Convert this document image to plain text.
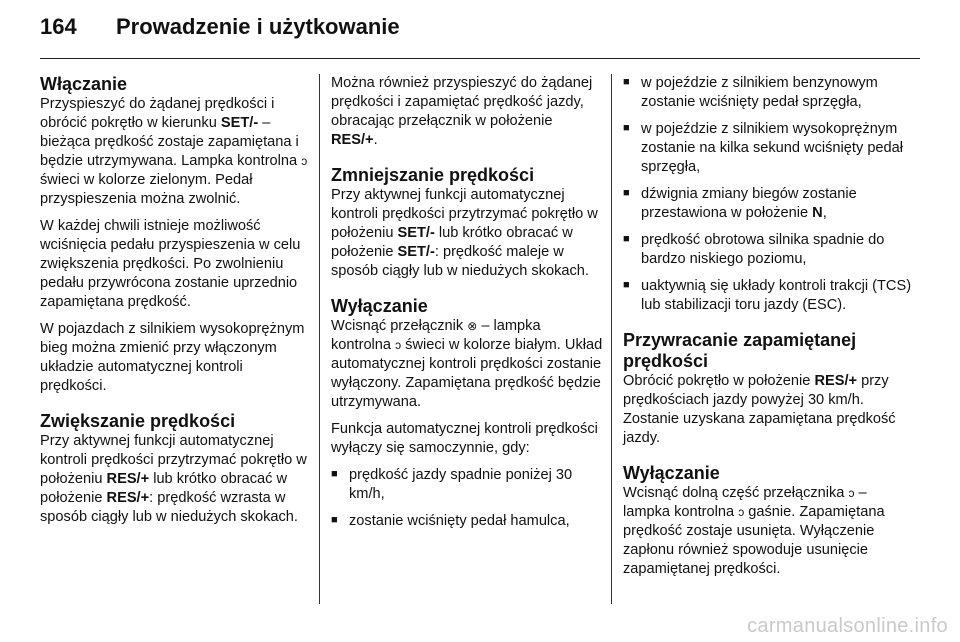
164 Prowadzenie i użytkowanie
Włączanie

Przyspieszyć do żądanej prędkości i obrócić pokrętło w kierunku SET/- – bieżąca prędkość zostaje zapamiętana i będzie utrzymywana. Lampka kontrolna ↄ świeci w kolorze zielonym. Pedał przyspieszenia można zwolnić.

W każdej chwili istnieje możliwość wciśnięcia pedału przyspieszenia w celu zwiększenia prędkości. Po zwolnieniu pedału przywrócona zostanie uprzednio zapamiętana prędkość.

W pojazdach z silnikiem wysokoprężnym bieg można zmienić przy włączonym układzie automatycznej kontroli prędkości.

Zwiększanie prędkości

Przy aktywnej funkcji automatycznej kontroli prędkości przytrzymać pokrętło w położeniu RES/+ lub krótko obracać w położenie RES/+: prędkość wzrasta w sposób ciągły lub w niedużych skokach.

Można również przyspieszyć do żądanej prędkości i zapamiętać prędkość jazdy, obracając przełącznik w położenie RES/+.

Zmniejszanie prędkości

Przy aktywnej funkcji automatycznej kontroli prędkości przytrzymać pokrętło w położeniu SET/- lub krótko obracać w położenie SET/-: prędkość maleje w sposób ciągły lub w niedużych skokach.

Wyłączanie

Wcisnąć przełącznik ⊗ – lampka kontrolna ↄ świeci w kolorze białym. Układ automatycznej kontroli prędkości zostanie wyłączony. Zapamiętana prędkość będzie utrzymywana.

Funkcja automatycznej kontroli prędkości wyłączy się samoczynnie, gdy:

■ prędkość jazdy spadnie poniżej 30 km/h,
■ zostanie wciśnięty pedał hamulca,
■ w pojeździe z silnikiem benzynowym zostanie wciśnięty pedał sprzęgła,
■ w pojeździe z silnikiem wysokoprężnym zostanie na kilka sekund wciśnięty pedał sprzęgła,
■ dźwignia zmiany biegów zostanie przestawiona w położenie N,
■ prędkość obrotowa silnika spadnie do bardzo niskiego poziomu,
■ uaktywnią się układy kontroli trakcji (TCS) lub stabilizacji toru jazdy (ESC).
Przywracanie zapamiętanej prędkości

Obrócić pokrętło w położenie RES/+ przy prędkościach jazdy powyżej 30 km/h. Zostanie uzyskana zapamiętana prędkość jazdy.

Wyłączanie

Wcisnąć dolną część przełącznika ↄ – lampka kontrolna ↄ gaśnie. Zapamiętana prędkość zostaje usunięta. Wyłączenie zapłonu również spowoduje usunięcie zapamiętanej prędkości.

carmanualsonline.info
